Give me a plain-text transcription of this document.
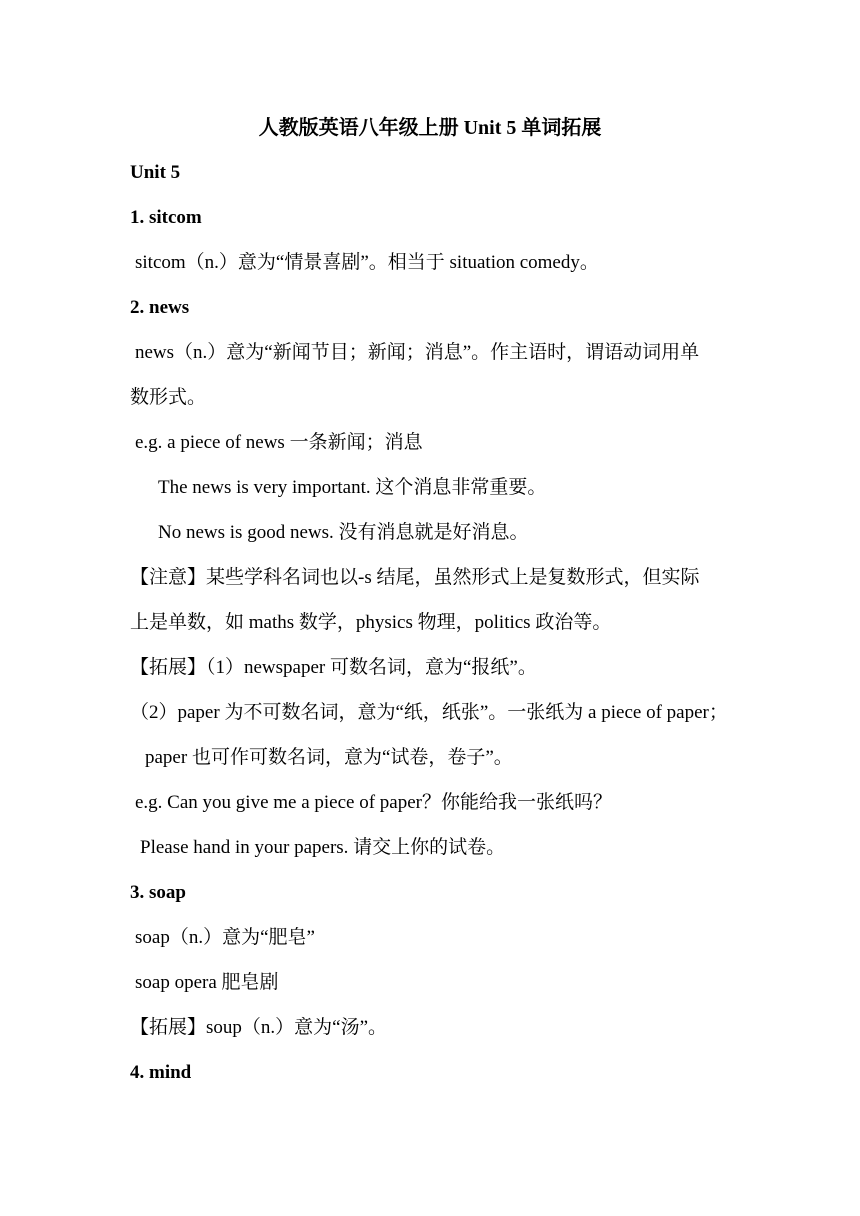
人教版英语八年级上册 Unit 5 单词拓展
Unit 5
1. sitcom
sitcom（n.）意为“情景喜剧”。相当于 situation comedy。
2. news
news（n.）意为“新闻节目；新闻；消息”。作主语时，谓语动词用单
数形式。
e.g. a piece of news 一条新闻；消息
The news is very important. 这个消息非常重要。
No news is good news. 没有消息就是好消息。
【注意】某些学科名词也以-s 结尾，虽然形式上是复数形式，但实际
上是单数，如 maths 数学，physics 物理，politics 政治等。
【拓展】（1）newspaper 可数名词，意为“报纸”。
（2）paper 为不可数名词，意为“纸，纸张”。一张纸为 a piece of paper；
paper 也可作可数名词，意为“试卷，卷子”。
e.g. Can you give me a piece of paper？你能给我一张纸吗？
Please hand in your papers. 请交上你的试卷。
3. soap
soap（n.）意为“肥皂”
soap opera 肥皂剧
【拓展】soup（n.）意为“汤”。
4. mind
